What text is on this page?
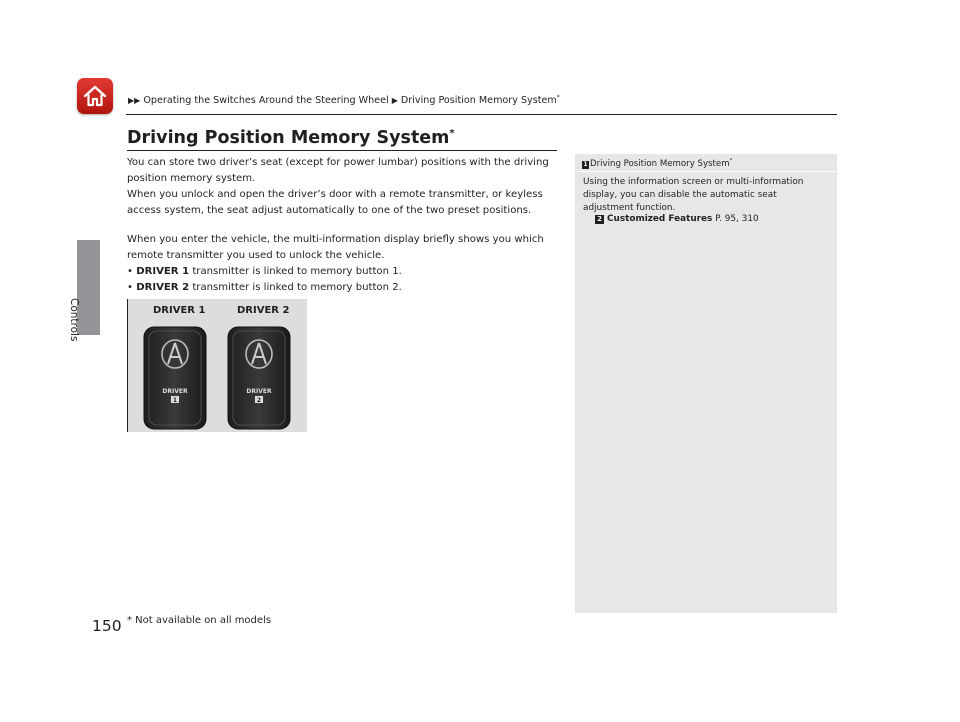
▶▶ Operating the Switches Around the Steering Wheel ▶ Driving Position Memory System*
Controls
150
Driving Position Memory System*
You can store two driver’s seat (except for power lumbar) positions with the driving position memory system.
When you unlock and open the driver’s door with a remote transmitter, or keyless access system, the seat adjust automatically to one of the two preset positions.
When you enter the vehicle, the multi-information display briefly shows you which remote transmitter you used to unlock the vehicle.
• DRIVER 1 transmitter is linked to memory button 1.
• DRIVER 2 transmitter is linked to memory button 2.
DRIVER
1
DRIVER
2
DRIVER 1	DRIVER 2
1 Driving Position Memory System*
Using the information screen or multi-information display, you can disable the automatic seat adjustment function.
2 Customized Features P. 95, 310
* Not available on all models
